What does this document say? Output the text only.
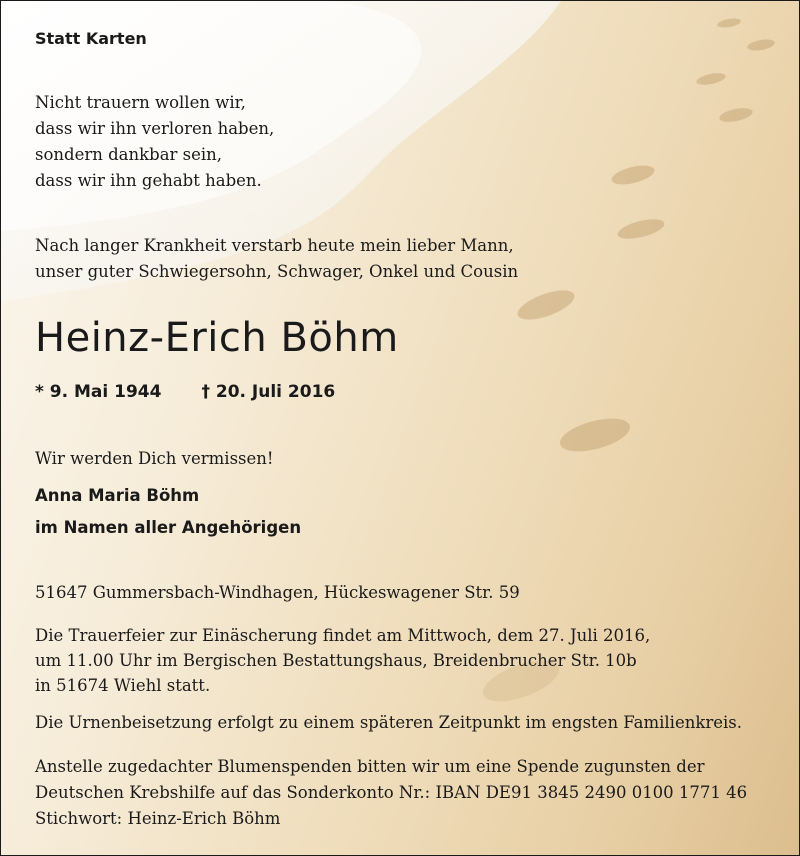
Statt Karten
Nicht trauern wollen wir,
dass wir ihn verloren haben,
sondern dankbar sein,
dass wir ihn gehabt haben.
Nach langer Krankheit verstarb heute mein lieber Mann,
unser guter Schwiegersohn, Schwager, Onkel und Cousin
Heinz-Erich Böhm
* 9. Mai 1944 † 20. Juli 2016
Wir werden Dich vermissen!
Anna Maria Böhm
im Namen aller Angehörigen
51647 Gummersbach-Windhagen, Hückeswagener Str. 59
Die Trauerfeier zur Einäscherung findet am Mittwoch, dem 27. Juli 2016,
um 11.00 Uhr im Bergischen Bestattungshaus, Breidenbrucher Str. 10b
in 51674 Wiehl statt.
Die Urnenbeisetzung erfolgt zu einem späteren Zeitpunkt im engsten Familienkreis.
Anstelle zugedachter Blumenspenden bitten wir um eine Spende zugunsten der
Deutschen Krebshilfe auf das Sonderkonto Nr.: IBAN DE91 3845 2490 0100 1771 46
Stichwort: Heinz-Erich Böhm
